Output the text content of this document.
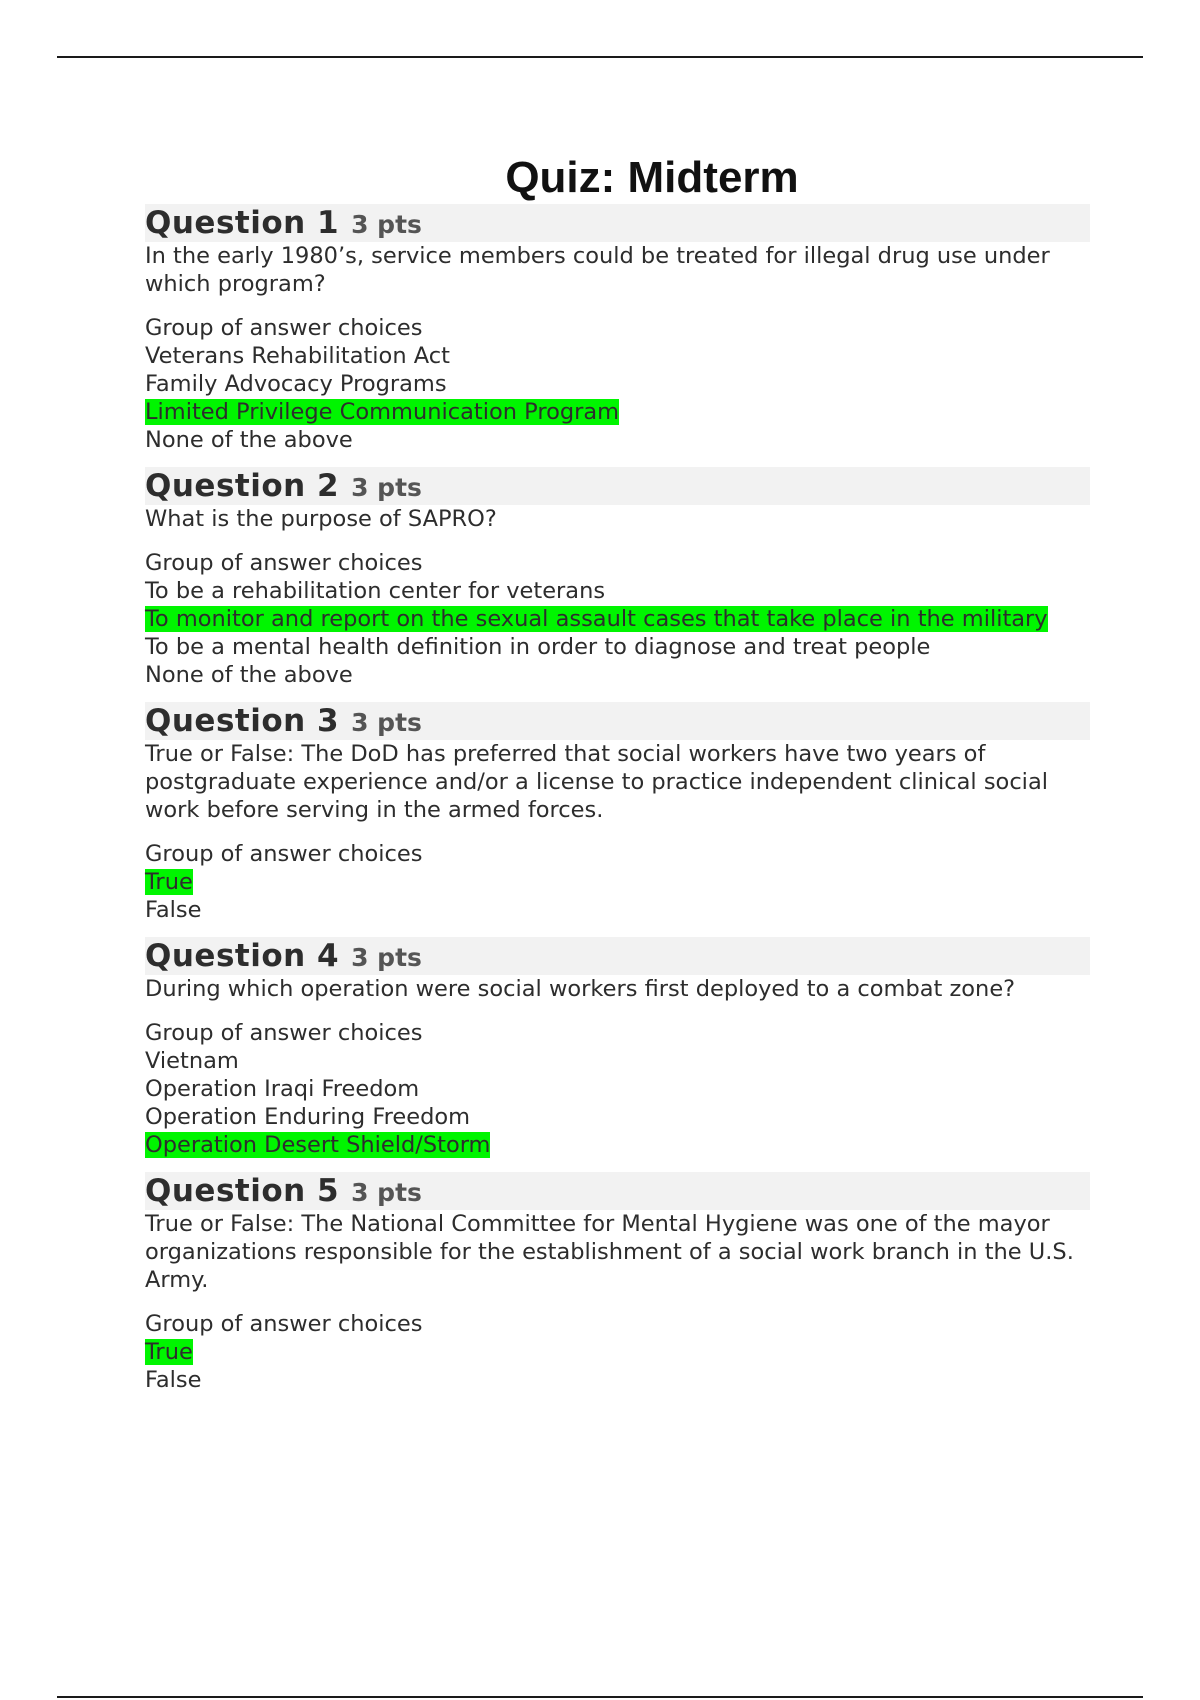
Quiz: Midterm
Question 1 3 pts
In the early 1980’s, service members could be treated for illegal drug use under which program?
Group of answer choices
Veterans Rehabilitation Act
Family Advocacy Programs
Limited Privilege Communication Program
None of the above
Question 2 3 pts
What is the purpose of SAPRO?
Group of answer choices
To be a rehabilitation center for veterans
To monitor and report on the sexual assault cases that take place in the military
To be a mental health definition in order to diagnose and treat people
None of the above
Question 3 3 pts
True or False: The DoD has preferred that social workers have two years of postgraduate experience and/or a license to practice independent clinical social work before serving in the armed forces.
Group of answer choices
True
False
Question 4 3 pts
During which operation were social workers first deployed to a combat zone?
Group of answer choices
Vietnam
Operation Iraqi Freedom
Operation Enduring Freedom
Operation Desert Shield/Storm
Question 5 3 pts
True or False: The National Committee for Mental Hygiene was one of the mayor organizations responsible for the establishment of a social work branch in the U.S. Army.
Group of answer choices
True
False
